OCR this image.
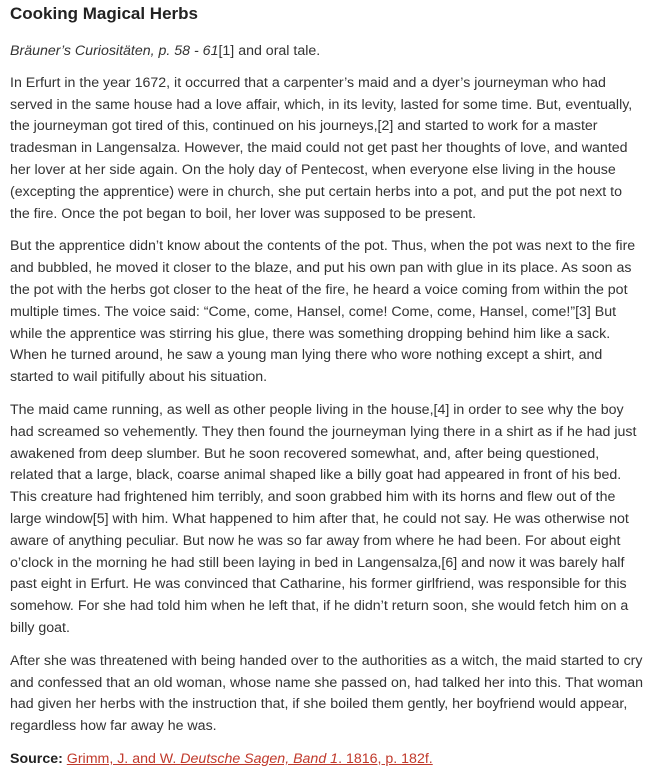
Cooking Magical Herbs

Bräuner’s Curiositäten, p. 58 - 61[1] and oral tale.

In Erfurt in the year 1672, it occurred that a carpenter’s maid and a dyer’s journeyman who had served in the same house had a love affair, which, in its levity, lasted for some time. But, eventually, the journeyman got tired of this, continued on his journeys,[2] and started to work for a master tradesman in Langensalza. However, the maid could not get past her thoughts of love, and wanted her lover at her side again. On the holy day of Pentecost, when everyone else living in the house (excepting the apprentice) were in church, she put certain herbs into a pot, and put the pot next to the fire. Once the pot began to boil, her lover was supposed to be present.

But the apprentice didn’t know about the contents of the pot. Thus, when the pot was next to the fire and bubbled, he moved it closer to the blaze, and put his own pan with glue in its place. As soon as the pot with the herbs got closer to the heat of the fire, he heard a voice coming from within the pot multiple times. The voice said: “Come, come, Hansel, come! Come, come, Hansel, come!”[3] But while the apprentice was stirring his glue, there was something dropping behind him like a sack. When he turned around, he saw a young man lying there who wore nothing except a shirt, and started to wail pitifully about his situation.

The maid came running, as well as other people living in the house,[4] in order to see why the boy had screamed so vehemently. They then found the journeyman lying there in a shirt as if he had just awakened from deep slumber. But he soon recovered somewhat, and, after being questioned, related that a large, black, coarse animal shaped like a billy goat had appeared in front of his bed. This creature had frightened him terribly, and soon grabbed him with its horns and flew out of the large window[5] with him. What happened to him after that, he could not say. He was otherwise not aware of anything peculiar. But now he was so far away from where he had been. For about eight o’clock in the morning he had still been laying in bed in Langensalza,[6] and now it was barely half past eight in Erfurt. He was convinced that Catharine, his former girlfriend, was responsible for this somehow. For she had told him when he left that, if he didn’t return soon, she would fetch him on a billy goat.

After she was threatened with being handed over to the authorities as a witch, the maid started to cry and confessed that an old woman, whose name she passed on, had talked her into this. That woman had given her herbs with the instruction that, if she boiled them gently, her boyfriend would appear, regardless how far away he was.

Source: Grimm, J. and W. Deutsche Sagen, Band 1. 1816, p. 182f.
